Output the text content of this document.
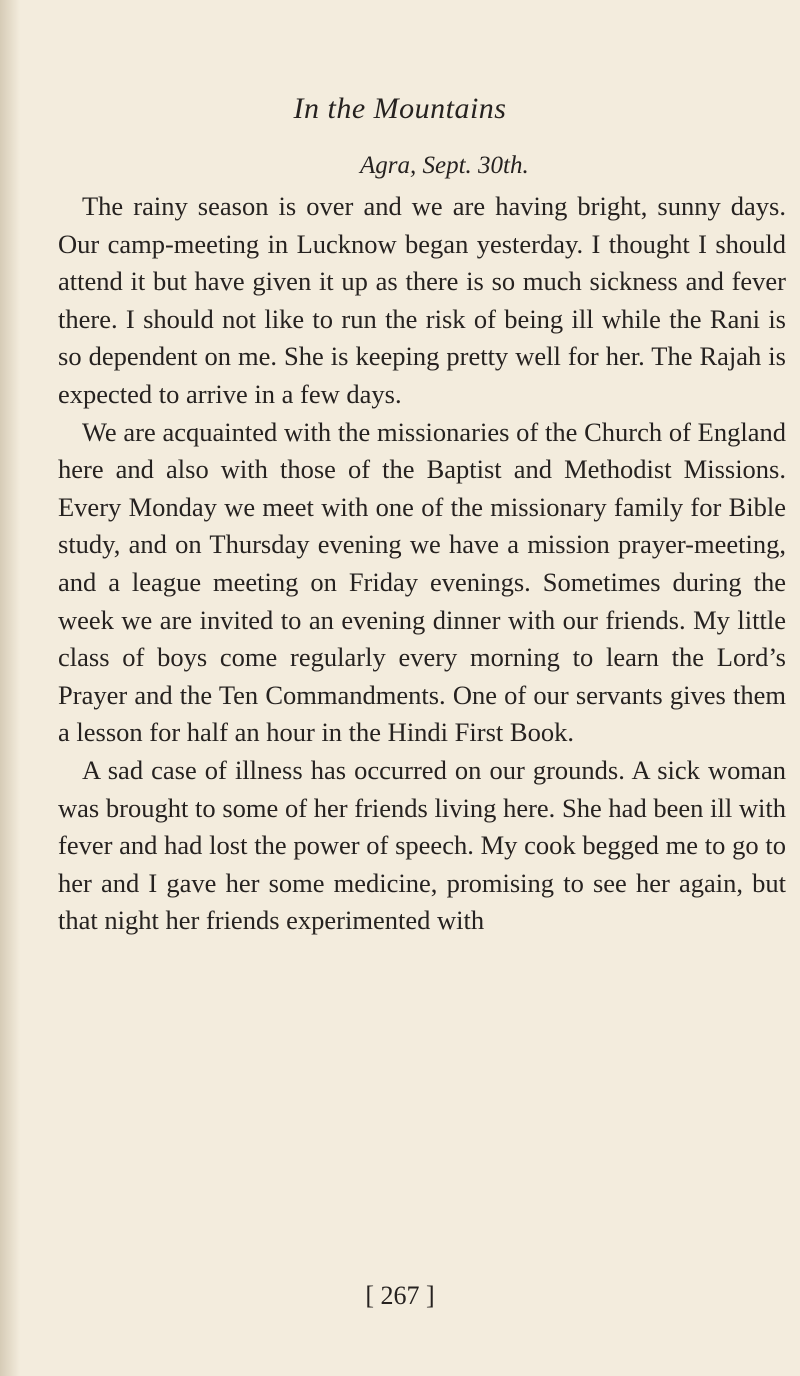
In the Mountains
Agra, Sept. 30th.

The rainy season is over and we are having bright, sunny days. Our camp-meeting in Lucknow began yesterday. I thought I should attend it but have given it up as there is so much sickness and fever there. I should not like to run the risk of being ill while the Rani is so dependent on me. She is keeping pretty well for her. The Rajah is expected to arrive in a few days.

We are acquainted with the missionaries of the Church of England here and also with those of the Baptist and Methodist Missions. Every Monday we meet with one of the missionary family for Bible study, and on Thursday evening we have a mission prayer-meeting, and a league meeting on Friday evenings. Sometimes during the week we are invited to an evening dinner with our friends. My little class of boys come regularly every morning to learn the Lord’s Prayer and the Ten Commandments. One of our servants gives them a lesson for half an hour in the Hindi First Book.

A sad case of illness has occurred on our grounds. A sick woman was brought to some of her friends living here. She had been ill with fever and had lost the power of speech. My cook begged me to go to her and I gave her some medicine, promising to see her again, but that night her friends experimented with

[ 267 ]
